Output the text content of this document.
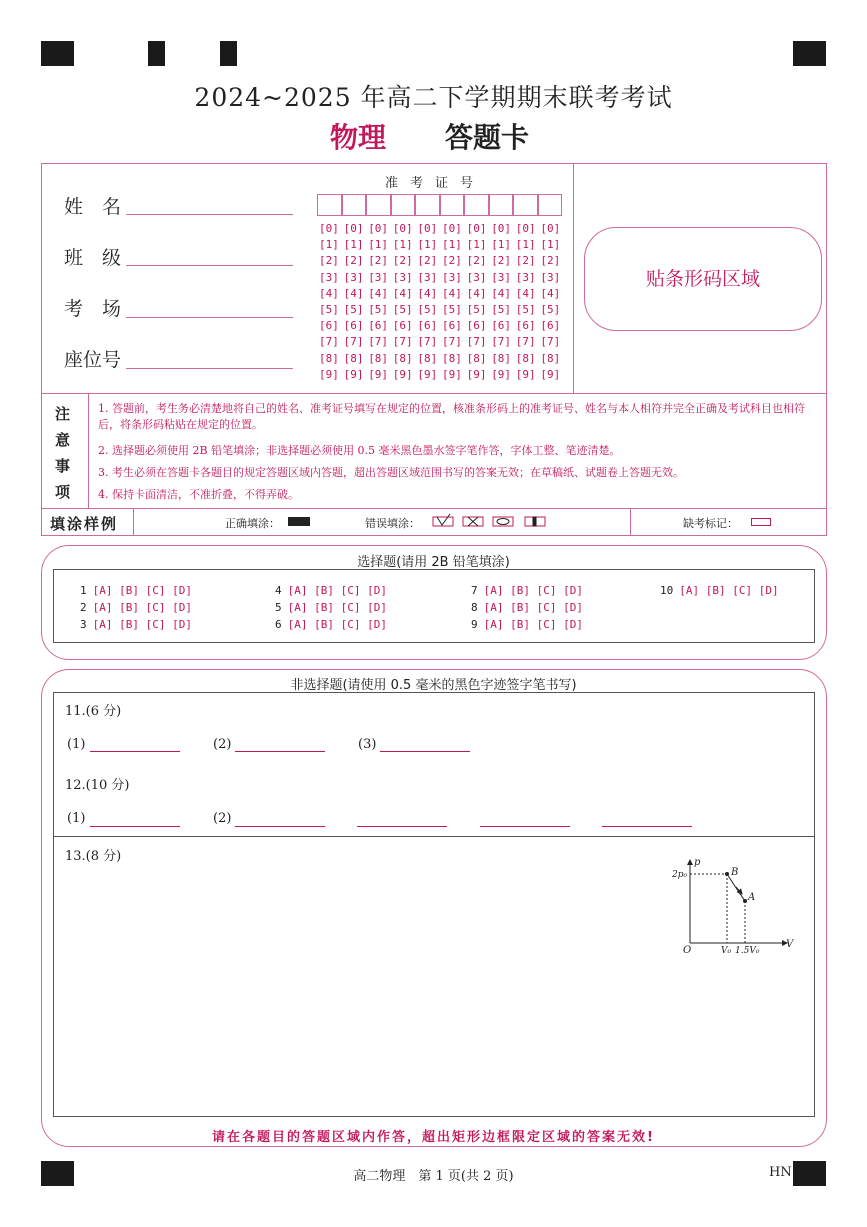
2024~2025 年高二下学期期末联考考试
物理 答题卡
姓　名
班　级
考　场
座位号
准考证号
[0] [0] [0] [0] [0] [0] [0] [0] [0] [0]
[1] [1] [1] [1] [1] [1] [1] [1] [1] [1]
[2] [2] [2] [2] [2] [2] [2] [2] [2] [2]
[3] [3] [3] [3] [3] [3] [3] [3] [3] [3]
[4] [4] [4] [4] [4] [4] [4] [4] [4] [4]
[5] [5] [5] [5] [5] [5] [5] [5] [5] [5]
[6] [6] [6] [6] [6] [6] [6] [6] [6] [6]
[7] [7] [7] [7] [7] [7] [7] [7] [7] [7]
[8] [8] [8] [8] [8] [8] [8] [8] [8] [8]
[9] [9] [9] [9] [9] [9] [9] [9] [9] [9]
贴条形码区域
注
意
事
项
1. 答题前，考生务必清楚地将自己的姓名、准考证号填写在规定的位置，核准条形码上的准考证号、姓名与本人相符并完全正确及考试科目也相符后，将条形码粘贴在规定的位置。
2. 选择题必须使用 2B 铅笔填涂；非选择题必须使用 0.5 毫米黑色墨水签字笔作答，字体工整、笔迹清楚。
3. 考生必须在答题卡各题目的规定答题区域内答题，超出答题区域范围书写的答案无效；在草稿纸、试题卷上答题无效。
4. 保持卡面清洁，不准折叠，不得弄破。
填涂样例	正确填涂：	错误填涂：	缺考标记：
选择题(请用 2B 铅笔填涂)
1 [A] [B] [C] [D]
2 [A] [B] [C] [D]
3 [A] [B] [C] [D]
4 [A] [B] [C] [D]
5 [A] [B] [C] [D]
6 [A] [B] [C] [D]
7 [A] [B] [C] [D]
8 [A] [B] [C] [D]
9 [A] [B] [C] [D]
10 [A] [B] [C] [D]
非选择题(请使用 0.5 毫米的黑色字迹签字笔书写)
11.(6 分)
(1)	(2)	(3)
12.(10 分)
(1)	(2)
13.(8 分)	p
V
O
2p₀
V₀ 1.5V₀
B
A
请在各题目的答题区域内作答，超出矩形边框限定区域的答案无效!
高二物理　第 1 页(共 2 页)	HN
